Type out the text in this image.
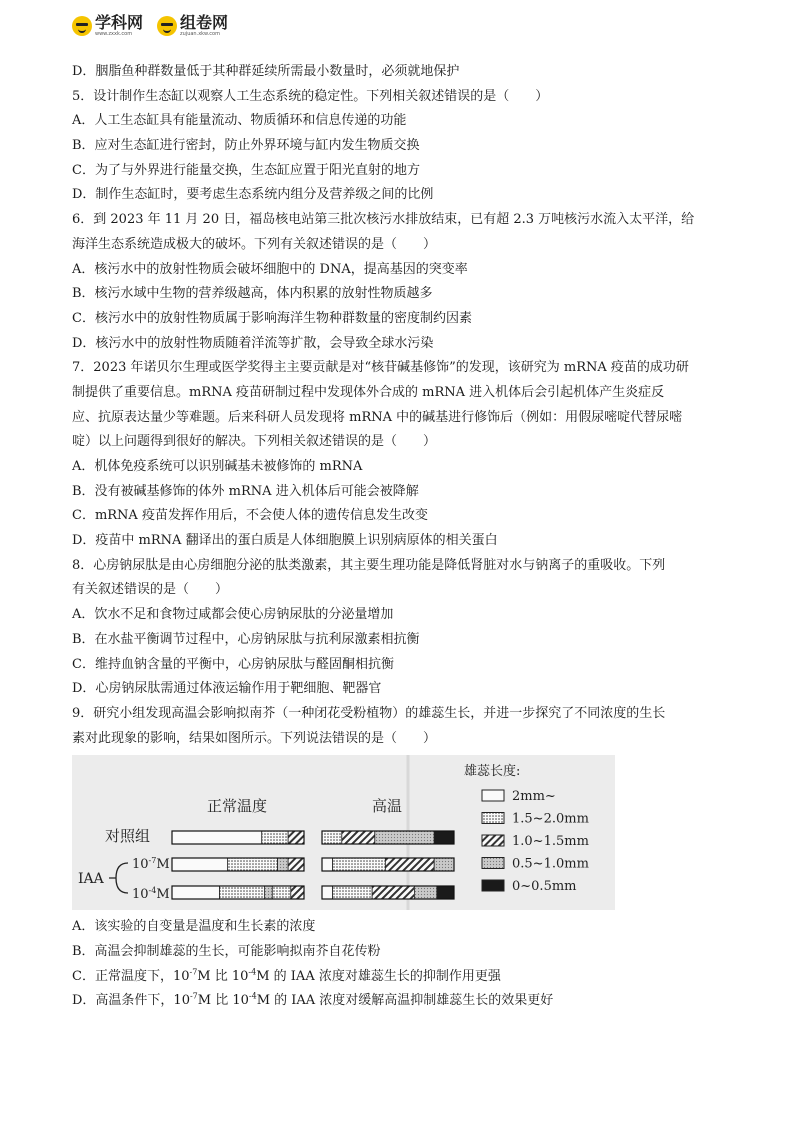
学科网
www.zxxk.com
组卷网
zujuan.xkw.com
D．胭脂鱼种群数量低于其种群延续所需最小数量时，必须就地保护
5．设计制作生态缸以观察人工生态系统的稳定性。下列相关叙述错误的是（　　）
A．人工生态缸具有能量流动、物质循环和信息传递的功能
B．应对生态缸进行密封，防止外界环境与缸内发生物质交换
C．为了与外界进行能量交换，生态缸应置于阳光直射的地方
D．制作生态缸时，要考虑生态系统内组分及营养级之间的比例
6．到 2023 年 11 月 20 日，福岛核电站第三批次核污水排放结束，已有超 2.3 万吨核污水流入太平洋，给
海洋生态系统造成极大的破坏。下列有关叙述错误的是（　　）
A．核污水中的放射性物质会破坏细胞中的 DNA，提高基因的突变率
B．核污水域中生物的营养级越高，体内积累的放射性物质越多
C．核污水中的放射性物质属于影响海洋生物种群数量的密度制约因素
D．核污水中的放射性物质随着洋流等扩散，会导致全球水污染
7．2023 年诺贝尔生理或医学奖得主主要贡献是对“核苷碱基修饰”的发现，该研究为 mRNA 疫苗的成功研
制提供了重要信息。mRNA 疫苗研制过程中发现体外合成的 mRNA 进入机体后会引起机体产生炎症反
应、抗原表达量少等难题。后来科研人员发现将 mRNA 中的碱基进行修饰后（例如：用假尿嘧啶代替尿嘧
啶）以上问题得到很好的解决。下列相关叙述错误的是（　　）
A．机体免疫系统可以识别碱基未被修饰的 mRNA
B．没有被碱基修饰的体外 mRNA 进入机体后可能会被降解
C．mRNA 疫苗发挥作用后，不会使人体的遗传信息发生改变
D．疫苗中 mRNA 翻译出的蛋白质是人体细胞膜上识别病原体的相关蛋白
8．心房钠尿肽是由心房细胞分泌的肽类激素，其主要生理功能是降低肾脏对水与钠离子的重吸收。下列
有关叙述错误的是（　　）
A．饮水不足和食物过咸都会使心房钠尿肽的分泌量增加
B．在水盐平衡调节过程中，心房钠尿肽与抗利尿激素相抗衡
C．维持血钠含量的平衡中，心房钠尿肽与醛固酮相抗衡
D．心房钠尿肽需通过体液运输作用于靶细胞、靶器官
9．研究小组发现高温会影响拟南芥（一种闭花受粉植物）的雄蕊生长，并进一步探究了不同浓度的生长
素对此现象的影响，结果如图所示。下列说法错误的是（　　）
正常温度	高温
对照组
IAA
$10^{-7}M$
$10^{-4}M$
雄蕊长度:
2mm~
1.5~2.0mm
1.0~1.5mm
0.5~1.0mm
0~0.5mm
A．该实验的自变量是温度和生长素的浓度
B．高温会抑制雄蕊的生长，可能影响拟南芥自花传粉
C．正常温度下，$10^{-7}M$ 比 $10^{-4}M$ 的 IAA 浓度对雄蕊生长的抑制作用更强
D．高温条件下，$10^{-7}M$ 比 $10^{-4}M$ 的 IAA 浓度对缓解高温抑制雄蕊生长的效果更好
